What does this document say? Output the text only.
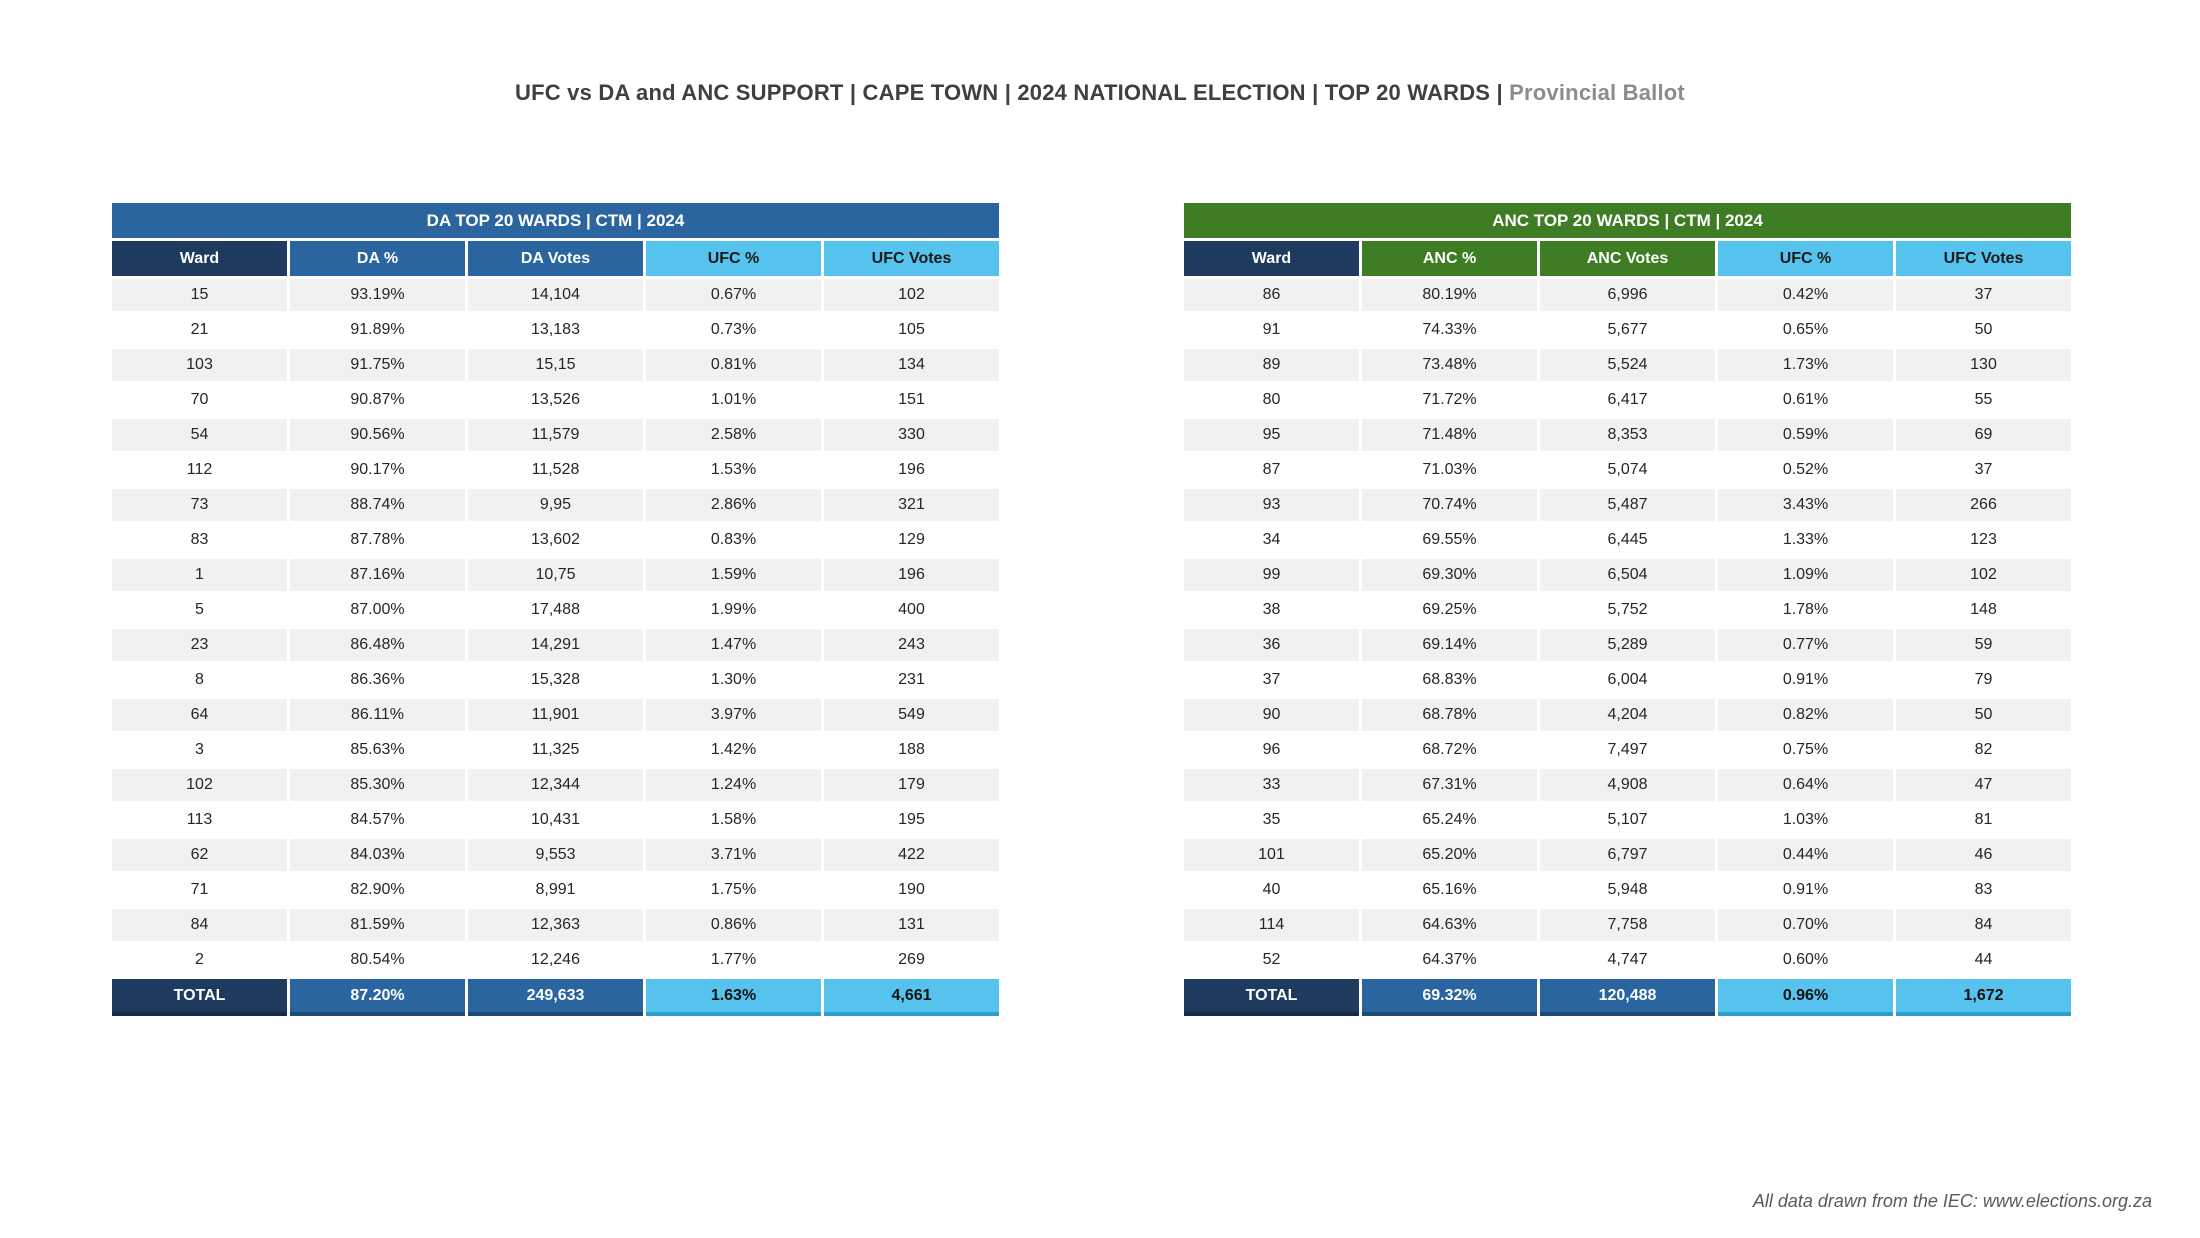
UFC vs DA and ANC SUPPORT | CAPE TOWN | 2024 NATIONAL ELECTION | TOP 20 WARDS | Provincial Ballot
DA TOP 20 WARDS | CTM | 2024				
Ward	DA %	DA Votes	UFC %	UFC Votes
15	93.19%	14,104	0.67%	102
21	91.89%	13,183	0.73%	105
103	91.75%	15,15	0.81%	134
70	90.87%	13,526	1.01%	151
54	90.56%	11,579	2.58%	330
112	90.17%	11,528	1.53%	196
73	88.74%	9,95	2.86%	321
83	87.78%	13,602	0.83%	129
1	87.16%	10,75	1.59%	196
5	87.00%	17,488	1.99%	400
23	86.48%	14,291	1.47%	243
8	86.36%	15,328	1.30%	231
64	86.11%	11,901	3.97%	549
3	85.63%	11,325	1.42%	188
102	85.30%	12,344	1.24%	179
113	84.57%	10,431	1.58%	195
62	84.03%	9,553	3.71%	422
71	82.90%	8,991	1.75%	190
84	81.59%	12,363	0.86%	131
2	80.54%	12,246	1.77%	269
TOTAL	87.20%	249,633	1.63%	4,661
ANC TOP 20 WARDS | CTM | 2024				
Ward	ANC %	ANC Votes	UFC %	UFC Votes
86	80.19%	6,996	0.42%	37
91	74.33%	5,677	0.65%	50
89	73.48%	5,524	1.73%	130
80	71.72%	6,417	0.61%	55
95	71.48%	8,353	0.59%	69
87	71.03%	5,074	0.52%	37
93	70.74%	5,487	3.43%	266
34	69.55%	6,445	1.33%	123
99	69.30%	6,504	1.09%	102
38	69.25%	5,752	1.78%	148
36	69.14%	5,289	0.77%	59
37	68.83%	6,004	0.91%	79
90	68.78%	4,204	0.82%	50
96	68.72%	7,497	0.75%	82
33	67.31%	4,908	0.64%	47
35	65.24%	5,107	1.03%	81
101	65.20%	6,797	0.44%	46
40	65.16%	5,948	0.91%	83
114	64.63%	7,758	0.70%	84
52	64.37%	4,747	0.60%	44
TOTAL	69.32%	120,488	0.96%	1,672
All data drawn from the IEC: www.elections.org.za
